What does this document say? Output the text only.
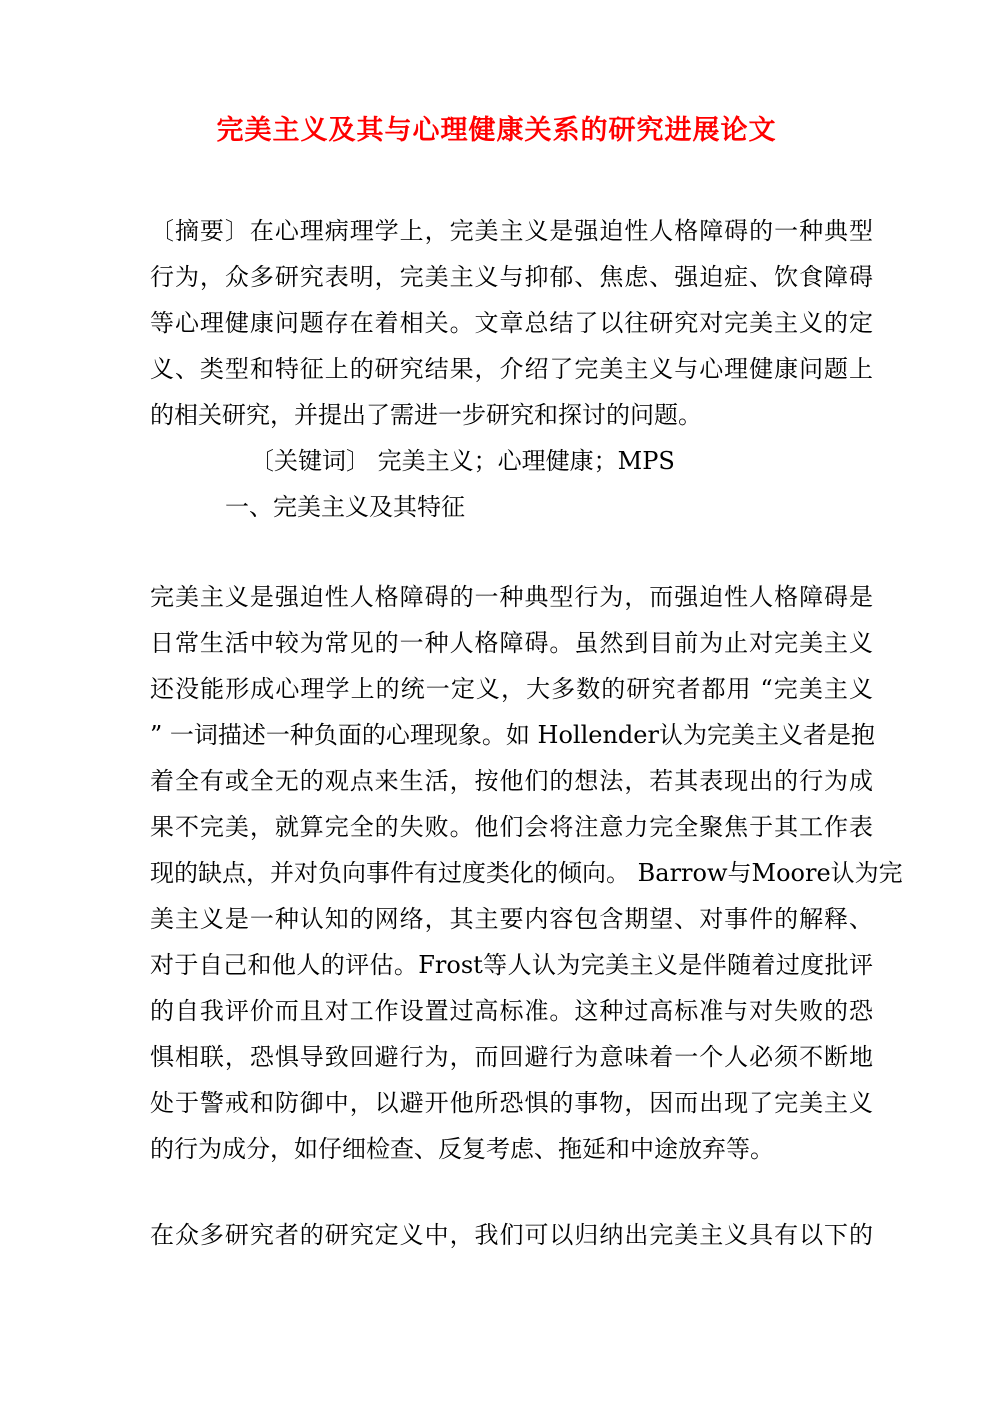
完美主义及其与心理健康关系的研究进展论文
〔摘要〕在心理病理学上，完美主义是强迫性人格障碍的一种典型
行为，众多研究表明，完美主义与抑郁、焦虑、强迫症、饮食障碍
等心理健康问题存在着相关。文章总结了以往研究对完美主义的定
义、类型和特征上的研究结果，介绍了完美主义与心理健康问题上
的相关研究，并提出了需进一步研究和探讨的问题。
〔关键词〕 完美主义；心理健康；MPS
一、完美主义及其特征
完美主义是强迫性人格障碍的一种典型行为，而强迫性人格障碍是
日常生活中较为常见的一种人格障碍。虽然到目前为止对完美主义
还没能形成心理学上的统一定义，大多数的研究者都用 “完美主义
” 一词描述一种负面的心理现象。如 Hollender认为完美主义者是抱
着全有或全无的观点来生活，按他们的想法，若其表现出的行为成
果不完美，就算完全的失败。他们会将注意力完全聚焦于其工作表
现的缺点，并对负向事件有过度类化的倾向。 Barrow与Moore认为完
美主义是一种认知的网络，其主要内容包含期望、对事件的解释、
对于自己和他人的评估。Frost等人认为完美主义是伴随着过度批评
的自我评价而且对工作设置过高标准。这种过高标准与对失败的恐
惧相联，恐惧导致回避行为，而回避行为意味着一个人必须不断地
处于警戒和防御中，以避开他所恐惧的事物，因而出现了完美主义
的行为成分，如仔细检查、反复考虑、拖延和中途放弃等。
在众多研究者的研究定义中，我们可以归纳出完美主义具有以下的
